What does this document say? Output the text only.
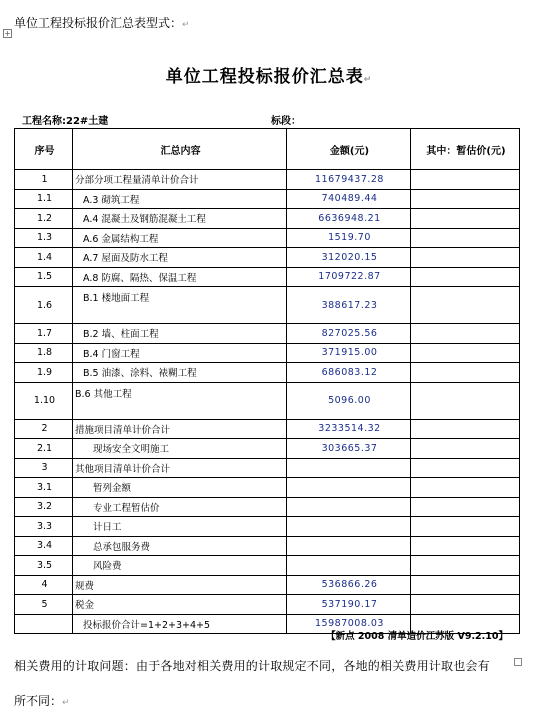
单位工程投标报价汇总表型式：↵
+
单位工程投标报价汇总表↵
工程名称:22#土建	标段：
序号	汇总内容	金额(元)	其中：暂估价(元)
1	分部分项工程量清单计价合计	11679437.28	
1.1	A.3 砌筑工程	740489.44	
1.2	A.4 混凝土及钢筋混凝土工程	6636948.21	
1.3	A.6 金属结构工程	1519.70	
1.4	A.7 屋面及防水工程	312020.15	
1.5	A.8 防腐、隔热、保温工程	1709722.87	
1.6	B.1 楼地面工程	388617.23	
1.7	B.2 墙、柱面工程	827025.56	
1.8	B.4 门窗工程	371915.00	
1.9	B.5 油漆、涂料、裱糊工程	686083.12	
1.10	B.6 其他工程	5096.00	
2	措施项目清单计价合计	3233514.32	
2.1	现场安全文明施工	303665.37	
3	其他项目清单计价合计		
3.1	暂列金额		
3.2	专业工程暂估价		
3.3	计日工		
3.4	总承包服务费		
3.5	风险费		
4	规费	536866.26	
5	税金	537190.17	
	投标报价合计=1+2+3+4+5	15987008.03	
【新点 2008 清单造价江苏版 V9.2.10】
相关费用的计取问题：由于各地对相关费用的计取规定不同，各地的相关费用计取也会有
所不同：↵
